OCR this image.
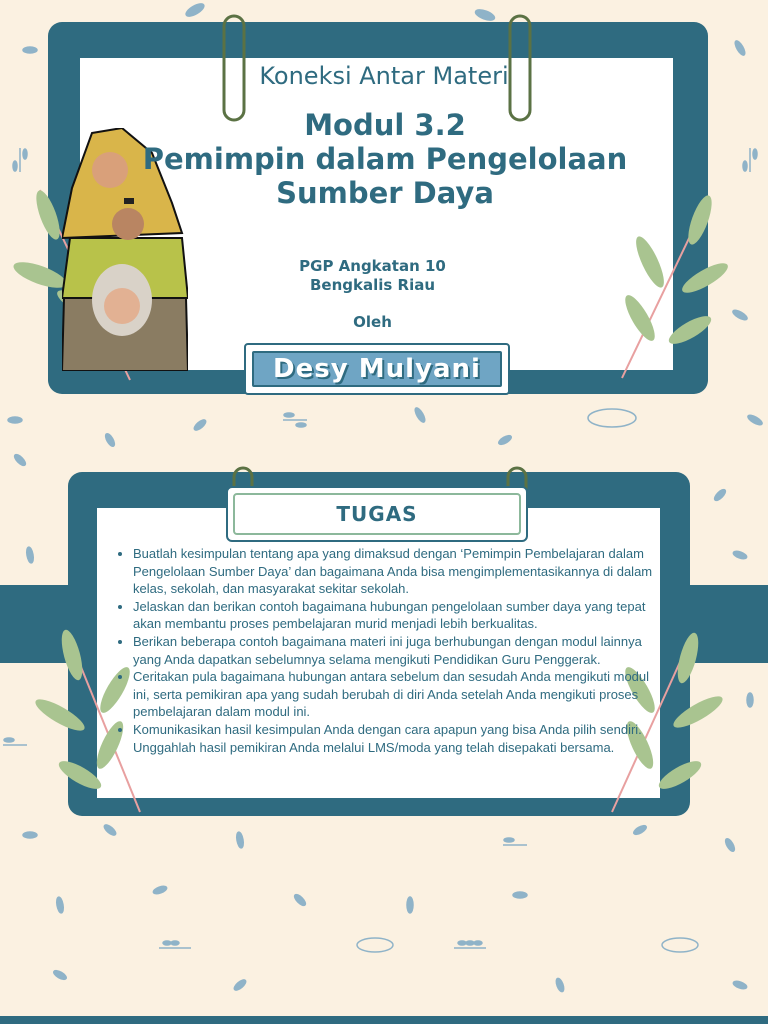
Koneksi Antar Materi
Modul 3.2
Pemimpin dalam Pengelolaan
Sumber Daya
PGP Angkatan 10
Bengkalis Riau
Oleh
Desy Mulyani
TUGAS
• Buatlah kesimpulan tentang apa yang dimaksud dengan ‘Pemimpin Pembelajaran dalam Pengelolaan Sumber Daya’ dan bagaimana Anda bisa mengimplementasikannya di dalam kelas, sekolah, dan masyarakat sekitar sekolah.
• Jelaskan dan berikan contoh bagaimana hubungan pengelolaan sumber daya yang tepat akan membantu proses pembelajaran murid menjadi lebih berkualitas.
• Berikan beberapa contoh bagaimana materi ini juga berhubungan dengan modul lainnya yang Anda dapatkan sebelumnya selama mengikuti Pendidikan Guru Penggerak.
• Ceritakan pula bagaimana hubungan antara sebelum dan sesudah Anda mengikuti modul ini, serta pemikiran apa yang sudah berubah di diri Anda setelah Anda mengikuti proses pembelajaran dalam modul ini.
• Komunikasikan hasil kesimpulan Anda dengan cara apapun yang bisa Anda pilih sendiri. Unggahlah hasil pemikiran Anda melalui LMS/moda yang telah disepakati bersama.
